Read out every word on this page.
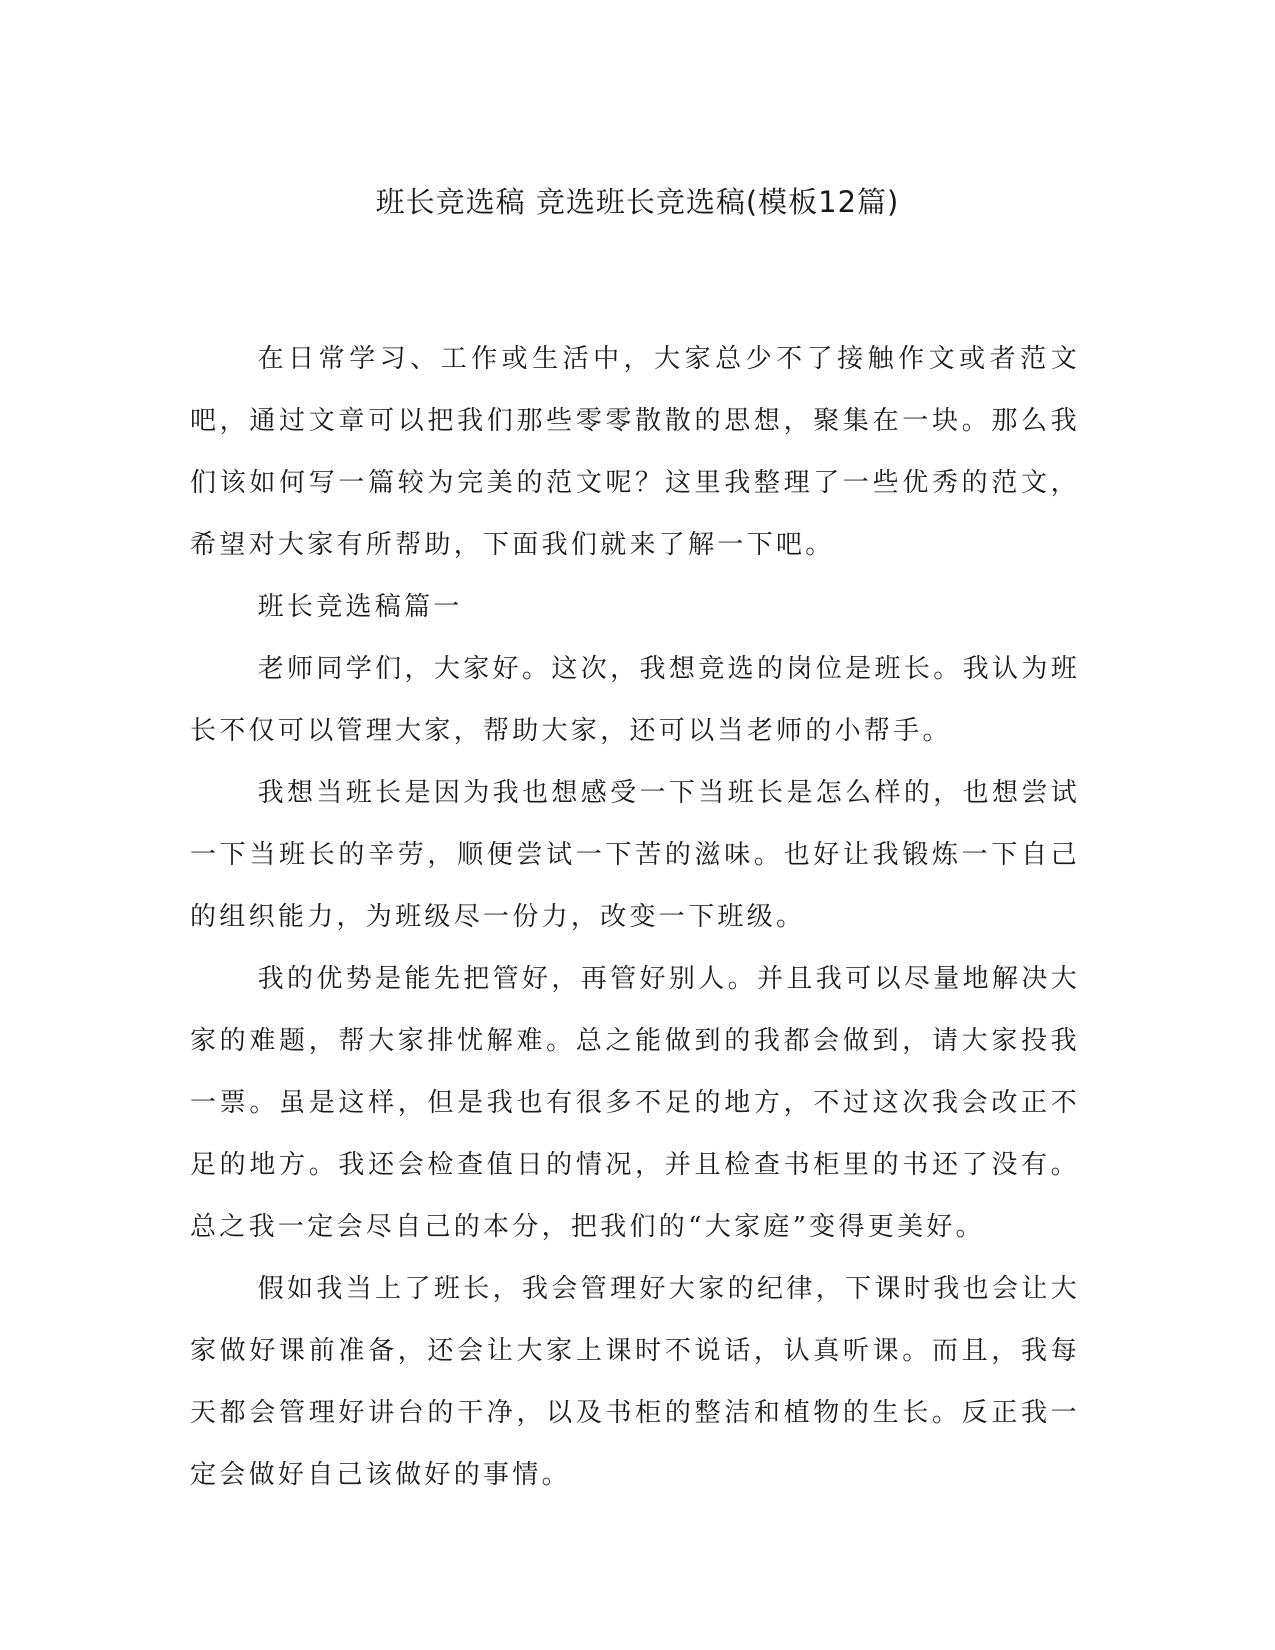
班长竞选稿 竞选班长竞选稿(模板12篇)

在日常学习、工作或生活中，大家总少不了接触作文或者范文吧，通过文章可以把我们那些零零散散的思想，聚集在一块。那么我们该如何写一篇较为完美的范文呢？这里我整理了一些优秀的范文，希望对大家有所帮助，下面我们就来了解一下吧。

班长竞选稿篇一

老师同学们，大家好。这次，我想竞选的岗位是班长。我认为班长不仅可以管理大家，帮助大家，还可以当老师的小帮手。

我想当班长是因为我也想感受一下当班长是怎么样的，也想尝试一下当班长的辛劳，顺便尝试一下苦的滋味。也好让我锻炼一下自己的组织能力，为班级尽一份力，改变一下班级。

我的优势是能先把管好，再管好别人。并且我可以尽量地解决大家的难题，帮大家排忧解难。总之能做到的我都会做到，请大家投我一票。虽是这样，但是我也有很多不足的地方，不过这次我会改正不足的地方。我还会检查值日的情况，并且检查书柜里的书还了没有。总之我一定会尽自己的本分，把我们的“大家庭”变得更美好。

假如我当上了班长，我会管理好大家的纪律，下课时我也会让大家做好课前准备，还会让大家上课时不说话，认真听课。而且，我每天都会管理好讲台的干净，以及书柜的整洁和植物的生长。反正我一定会做好自己该做好的事情。
